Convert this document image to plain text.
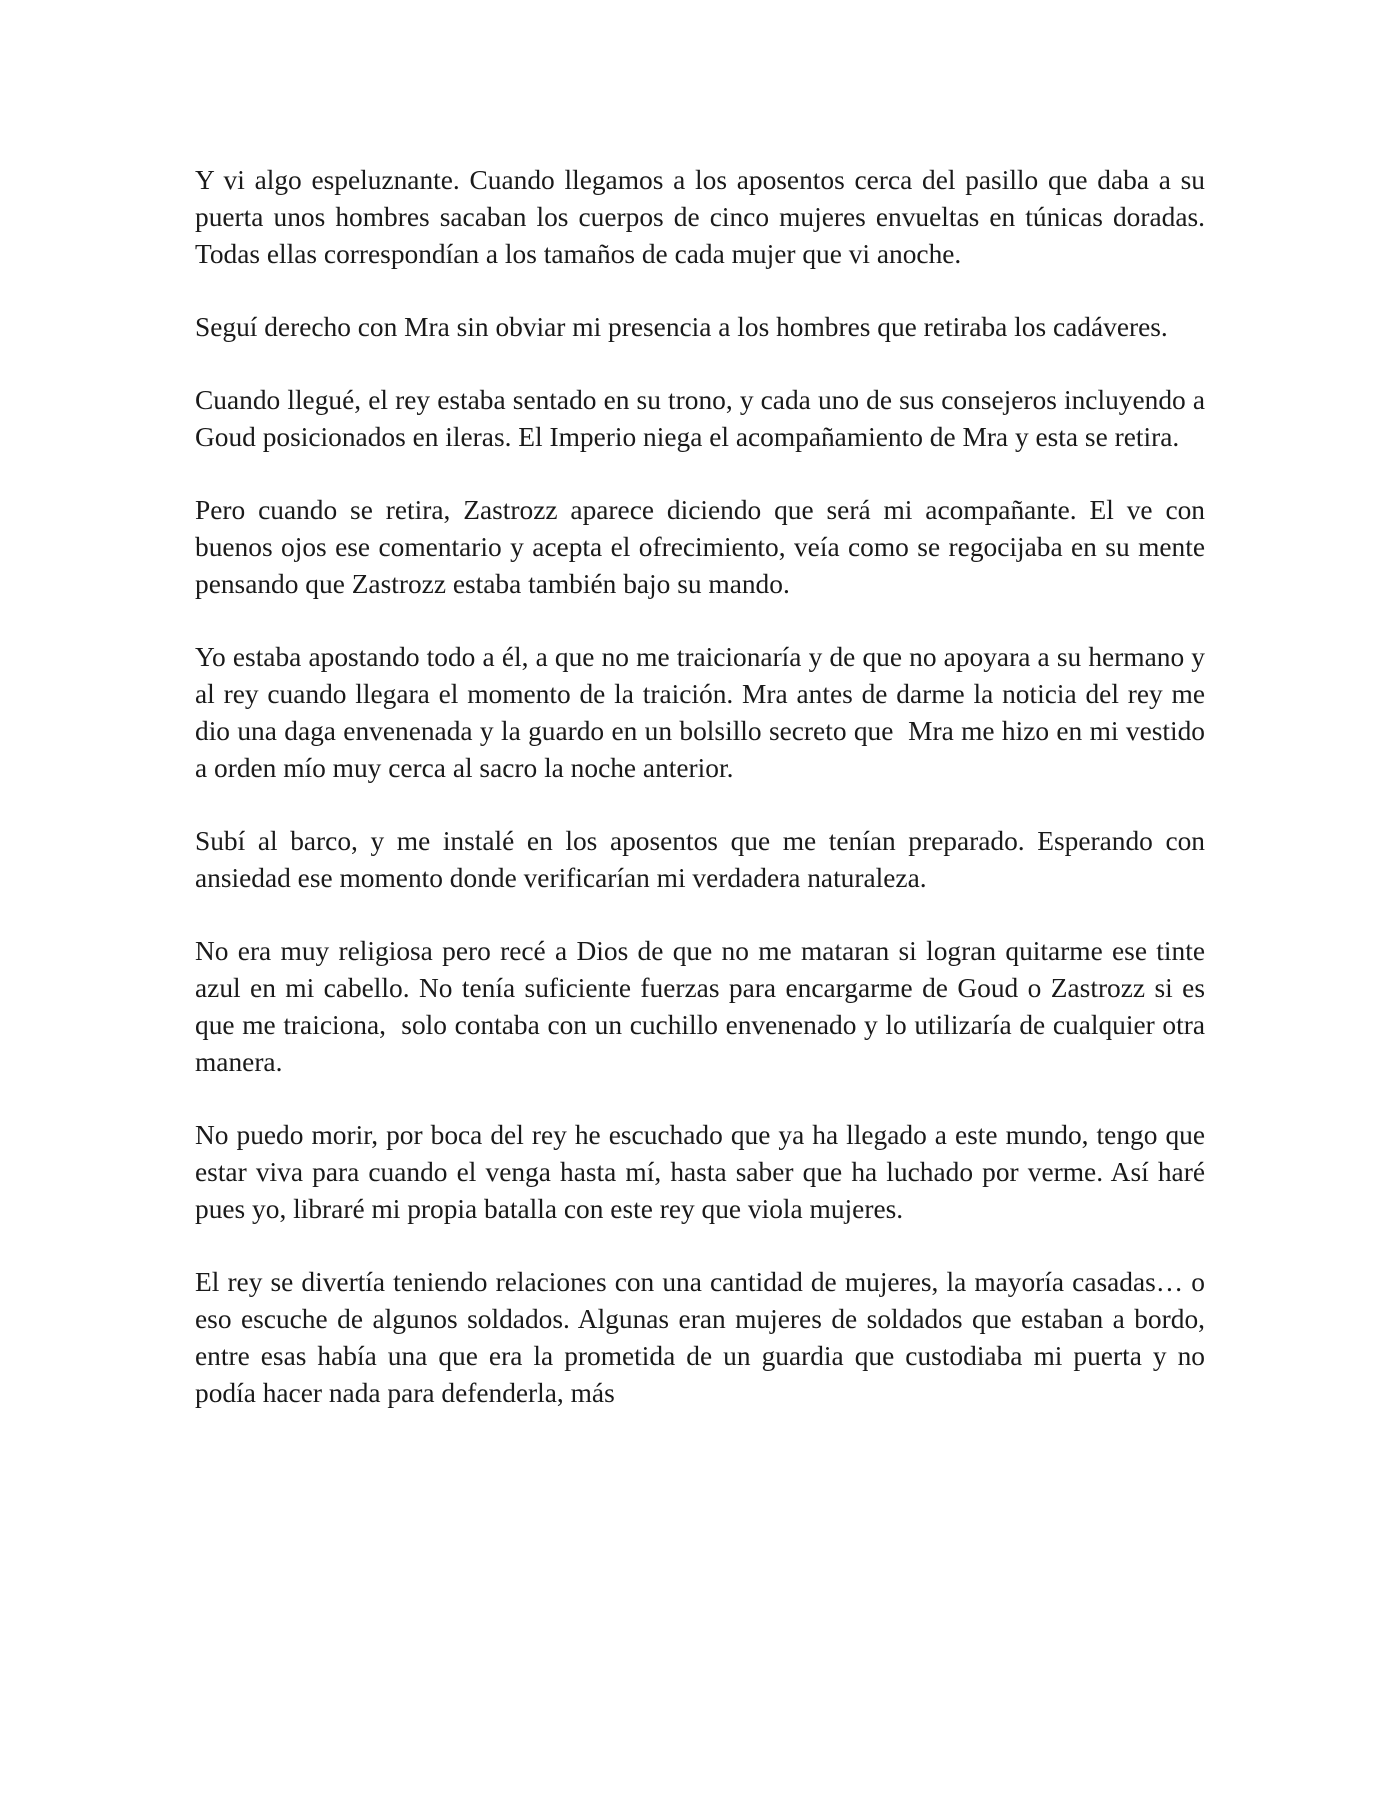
Y vi algo espeluznante. Cuando llegamos a los aposentos cerca del pasillo que daba a su puerta unos hombres sacaban los cuerpos de cinco mujeres envueltas en túnicas doradas. Todas ellas correspondían a los tamaños de cada mujer que vi anoche.

Seguí derecho con Mra sin obviar mi presencia a los hombres que retiraba los cadáveres.

Cuando llegué, el rey estaba sentado en su trono, y cada uno de sus consejeros incluyendo a Goud posicionados en ileras. El Imperio niega el acompañamiento de Mra y esta se retira.

Pero cuando se retira, Zastrozz aparece diciendo que será mi acompañante. El ve con buenos ojos ese comentario y acepta el ofrecimiento, veía como se regocijaba en su mente pensando que Zastrozz estaba también bajo su mando.

Yo estaba apostando todo a él, a que no me traicionaría y de que no apoyara a su hermano y al rey cuando llegara el momento de la traición. Mra antes de darme la noticia del rey me dio una daga envenenada y la guardo en un bolsillo secreto que  Mra me hizo en mi vestido a orden mío muy cerca al sacro la noche anterior.

Subí al barco, y me instalé en los aposentos que me tenían preparado. Esperando con ansiedad ese momento donde verificarían mi verdadera naturaleza.

No era muy religiosa pero recé a Dios de que no me mataran si logran quitarme ese tinte azul en mi cabello. No tenía suficiente fuerzas para encargarme de Goud o Zastrozz si es que me traiciona,  solo contaba con un cuchillo envenenado y lo utilizaría de cualquier otra manera.

No puedo morir, por boca del rey he escuchado que ya ha llegado a este mundo, tengo que estar viva para cuando el venga hasta mí, hasta saber que ha luchado por verme. Así haré pues yo, libraré mi propia batalla con este rey que viola mujeres.

El rey se divertía teniendo relaciones con una cantidad de mujeres, la mayoría casadas… o eso escuche de algunos soldados. Algunas eran mujeres de soldados que estaban a bordo, entre esas había una que era la prometida de un guardia que custodiaba mi puerta y no podía hacer nada para defenderla, más
